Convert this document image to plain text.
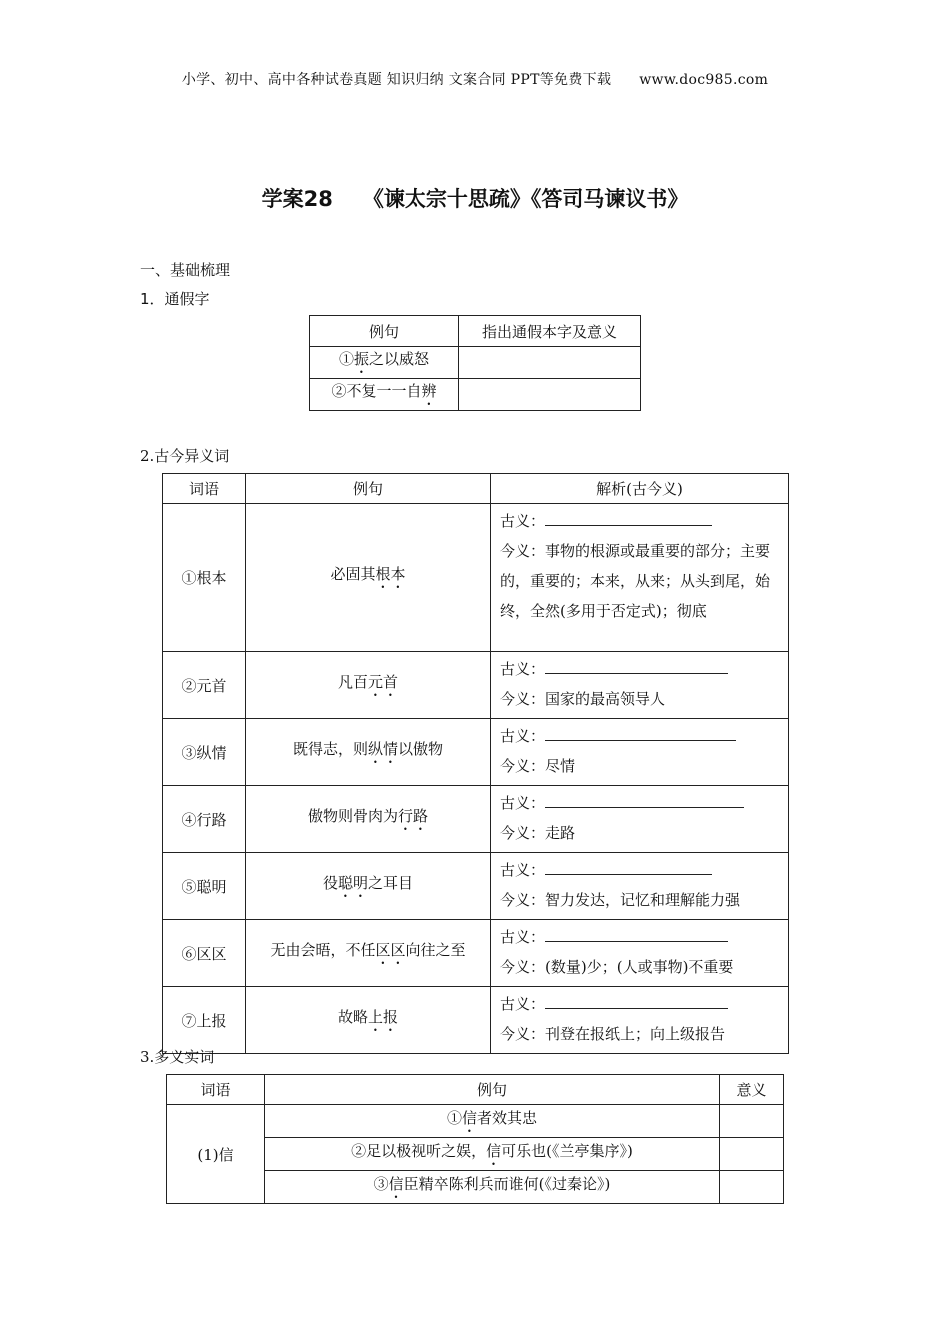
小学、初中、高中各种试卷真题 知识归纳 文案合同 PPT等免费下载 www.doc985.com
学案28 《谏太宗十思疏》《答司马谏议书》
一、基础梳理
1．通假字
例句	指出通假本字及意义
①振之以威怒	
②不复一一自辨	
2.古今异义词
词语	例句	解析(古今义)
①根本	必固其根本	古义：
今义：事物的根源或最重要的部分；主要的，重要的；本来，从来；从头到尾，始终，全然(多用于否定式)；彻底

②元首	凡百元首	古义：
今义：国家的最高领导人

③纵情	既得志，则纵情以傲物	古义：
今义：尽情

④行路	傲物则骨肉为行路	古义：
今义：走路

⑤聪明	役聪明之耳目	古义：
今义：智力发达，记忆和理解能力强

⑥区区	无由会晤，不任区区向往之至	古义：
今义：(数量)少；(人或事物)不重要

⑦上报	故略上报	古义：
今义：刊登在报纸上；向上级报告
3.多义实词
词语	例句	意义
(1)信	①信者效其忠	
	②足以极视听之娱，信可乐也(《兰亭集序》)	
	③信臣精卒陈利兵而谁何(《过秦论》)	
